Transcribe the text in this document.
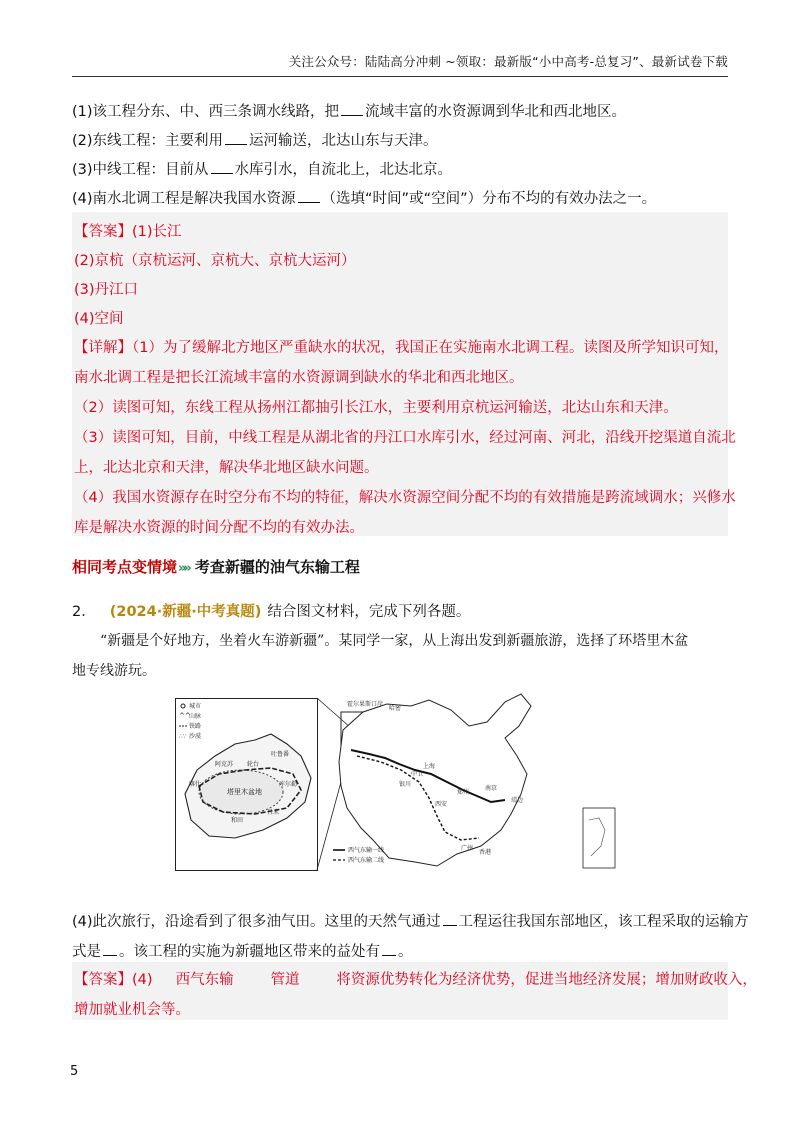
关注公众号：陆陆高分冲刺 ~领取：最新版“小中高考-总复习”、最新试卷下载
(1)该工程分东、中、西三条调水线路，把 流域丰富的水资源调到华北和西北地区。
(2)东线工程：主要利用 运河输送，北达山东与天津。
(3)中线工程：目前从 水库引水，自流北上，北达北京。
(4)南水北调工程是解决我国水资源 （选填“时间”或“空间”）分布不均的有效办法之一。
【答案】(1)长江
(2)京杭（京杭运河、京杭大、京杭大运河）
(3)丹江口
(4)空间
【详解】（1）为了缓解北方地区严重缺水的状况，我国正在实施南水北调工程。读图及所学知识可知，
南水北调工程是把长江流域丰富的水资源调到缺水的华北和西北地区。
（2）读图可知，东线工程从扬州江都抽引长江水，主要利用京杭运河输送，北达山东和天津。
（3）读图可知，目前，中线工程是从湖北省的丹江口水库引水，经过河南、河北，沿线开挖渠道自流北
上，北达北京和天津，解决华北地区缺水问题。
（4）我国水资源存在时空分布不均的特征，解决水资源空间分配不均的有效措施是跨流域调水；兴修水
库是解决水资源的时间分配不均的有效办法。
相同考点变情境»» 考查新疆的油气东输工程
2． (2024·新疆·中考真题) 结合图文材料，完成下列各题。
“新疆是个好地方，坐着火车游新疆”。某同学一家，从上海出发到新疆旅游，选择了环塔里木盆
地专线游玩。
城市
^^
山脉
铁路
∴∵ 沙漠
塔里木盆地
喀什
轮台
吐鲁番
库尔勒
和田
且末
阿克苏
霍尔果斯口岸
哈密
上海
银川
靖边
西安
郑州
南京
广州
香港
中卫
西气东输一线
西气东输二线
(4)此次旅行，沿途看到了很多油气田。这里的天然气通过 工程运往我国东部地区，该工程采取的运输方
式是 。该工程的实施为新疆地区带来的益处有 。
【答案】(4)     西气东输        管道        将资源优势转化为经济优势，促进当地经济发展；增加财政收入，
增加就业机会等。
5
